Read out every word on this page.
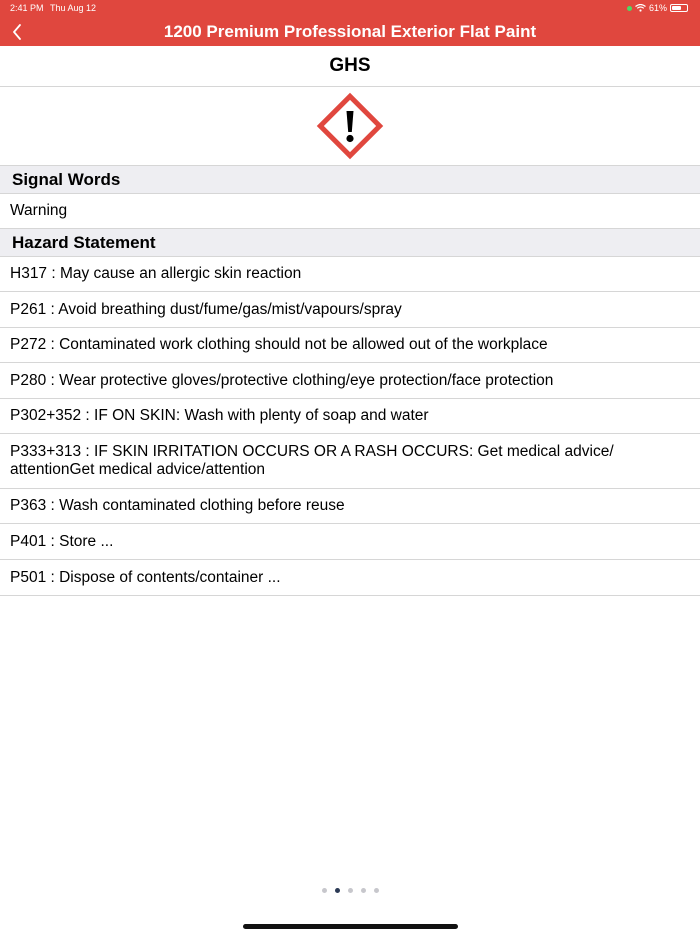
2:41 PM Thu Aug 12	61%
1200 Premium Professional Exterior Flat Paint
GHS
Signal Words
Warning
Hazard Statement
H317 : May cause an allergic skin reaction
P261 : Avoid breathing dust/fume/gas/mist/vapours/spray
P272 : Contaminated work clothing should not be allowed out of the workplace
P280 : Wear protective gloves/protective clothing/eye protection/face protection
P302+352 : IF ON SKIN: Wash with plenty of soap and water
P333+313 : IF SKIN IRRITATION OCCURS OR A RASH OCCURS: Get medical advice/ attentionGet medical advice/attention
P363 : Wash contaminated clothing before reuse
P401 : Store ...
P501 : Dispose of contents/container ...
